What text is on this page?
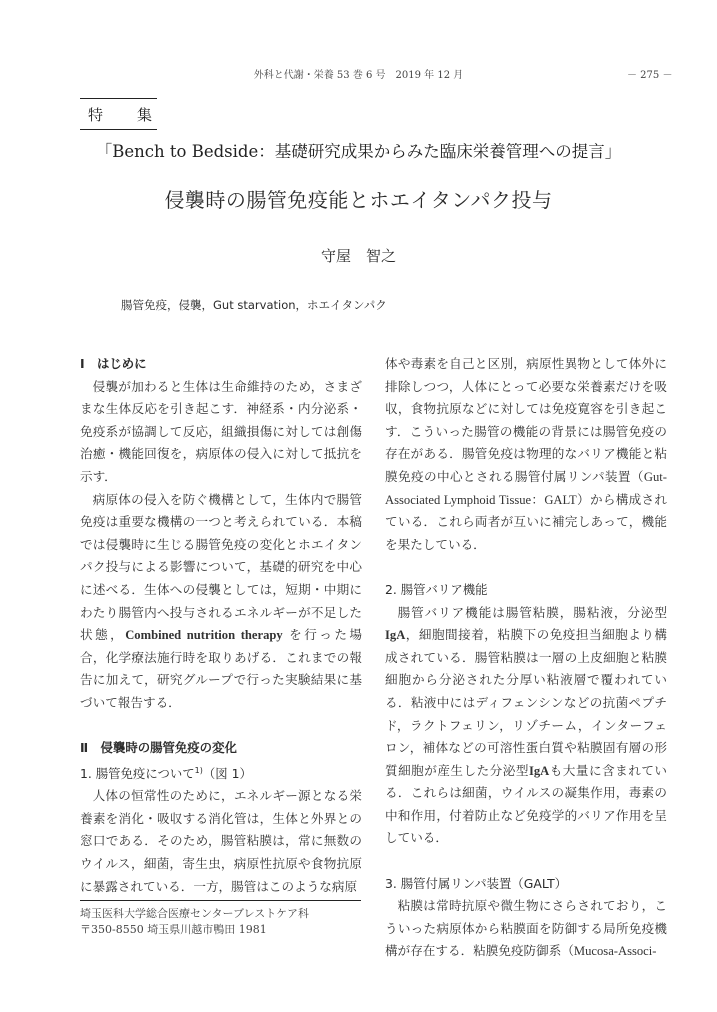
外科と代謝・栄養 53 巻 6 号　2019 年 12 月	－ 275 －
特 集
「Bench to Bedside：基礎研究成果からみた臨床栄養管理への提言」
侵襲時の腸管免疫能とホエイタンパク投与
守屋　智之
腸管免疫，侵襲，Gut starvation，ホエイタンパク
Ⅰ　はじめに

侵襲が加わると生体は生命維持のため，さまざまな生体反応を引き起こす．神経系・内分泌系・免疫系が協調して反応，組織損傷に対しては創傷治癒・機能回復を，病原体の侵入に対して抵抗を示す．

病原体の侵入を防ぐ機構として，生体内で腸管免疫は重要な機構の一つと考えられている．本稿では侵襲時に生じる腸管免疫の変化とホエイタンパク投与による影響について，基礎的研究を中心に述べる．生体への侵襲としては，短期・中期にわたり腸管内へ投与されるエネルギーが不足した状態，Combined nutrition therapy を行った場合，化学療法施行時を取りあげる．これまでの報告に加えて，研究グループで行った実験結果に基づいて報告する．

Ⅱ　侵襲時の腸管免疫の変化
1. 腸管免疫について$^{1)}$（図 1）

人体の恒常性のために，エネルギー源となる栄養素を消化・吸収する消化管は，生体と外界との窓口である．そのため，腸管粘膜は，常に無数のウイルス，細菌，寄生虫，病原性抗原や食物抗原に暴露されている．一方，腸管はこのような病原

体や毒素を自己と区別，病原性異物として体外に排除しつつ，人体にとって必要な栄養素だけを吸収，食物抗原などに対しては免疫寛容を引き起こす．こういった腸管の機能の背景には腸管免疫の存在がある．腸管免疫は物理的なバリア機能と粘膜免疫の中心とされる腸管付属リンパ装置（Gut-Associated Lymphoid Tissue：GALT）から構成されている．これら両者が互いに補完しあって，機能を果たしている．

2. 腸管バリア機能

腸管バリア機能は腸管粘膜，腸粘液，分泌型IgA，細胞間接着，粘膜下の免疫担当細胞より構成されている．腸管粘膜は一層の上皮細胞と粘膜細胞から分泌された分厚い粘液層で覆われている．粘液中にはディフェンシンなどの抗菌ペプチド，ラクトフェリン，リゾチーム，インターフェロン，補体などの可溶性蛋白質や粘膜固有層の形質細胞が産生した分泌型IgAも大量に含まれている．これらは細菌，ウイルスの凝集作用，毒素の中和作用，付着防止など免疫学的バリア作用を呈している．

3. 腸管付属リンパ装置（GALT）

粘膜は常時抗原や微生物にさらされており，こういった病原体から粘膜面を防御する局所免疫機構が存在する．粘膜免疫防御系（Mucosa-Associ-

埼玉医科大学総合医療センターブレストケア科
〒350-8550 埼玉県川越市鴨田 1981
